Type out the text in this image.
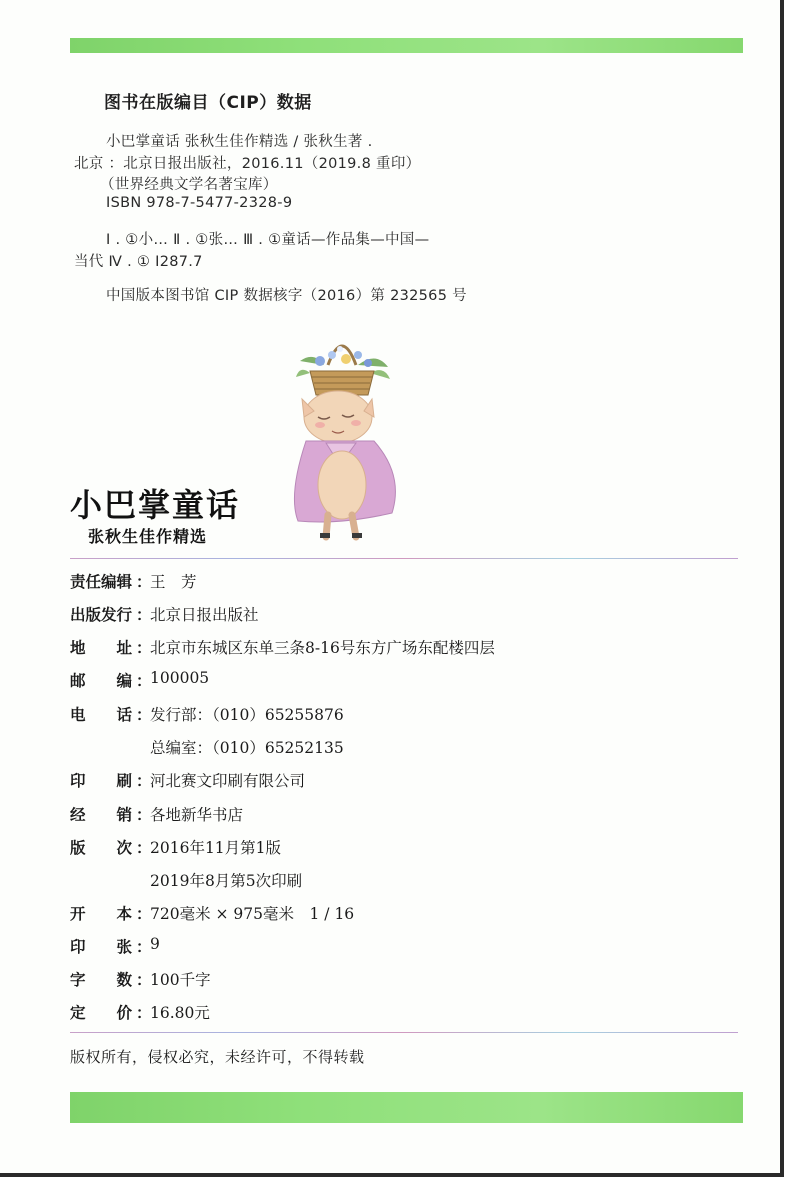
图书在版编目（CIP）数据
小巴掌童话 张秋生佳作精选 / 张秋生著 .
北京 ：北京日报出版社，2016.11（2019.8 重印）
（世界经典文学名著宝库）
ISBN 978-7-5477-2328-9
Ⅰ . ①小… Ⅱ . ①张… Ⅲ . ①童话—作品集—中国—
当代 Ⅳ . ① I287.7
中国版本图书馆 CIP 数据核字（2016）第 232565 号
小巴掌童话
张秋生佳作精选
责任编辑 ：
王　芳
出版发行 ：
北京日报出版社
地 址 ：
北京市东城区东单三条8-16号东方广场东配楼四层
邮 编 ：
100005
电 话 ：
发行部：（010）65255876
总编室：（010）65252135
印 刷 ：
河北赛文印刷有限公司
经 销 ：
各地新华书店
版 次 ：
2016年11月第1版
2019年8月第5次印刷
开 本 ：
720毫米 × 975毫米　1 / 16
印 张 ：
9
字 数 ：
100千字
定 价 ：
16.80元
版权所有，侵权必究，未经许可，不得转载
